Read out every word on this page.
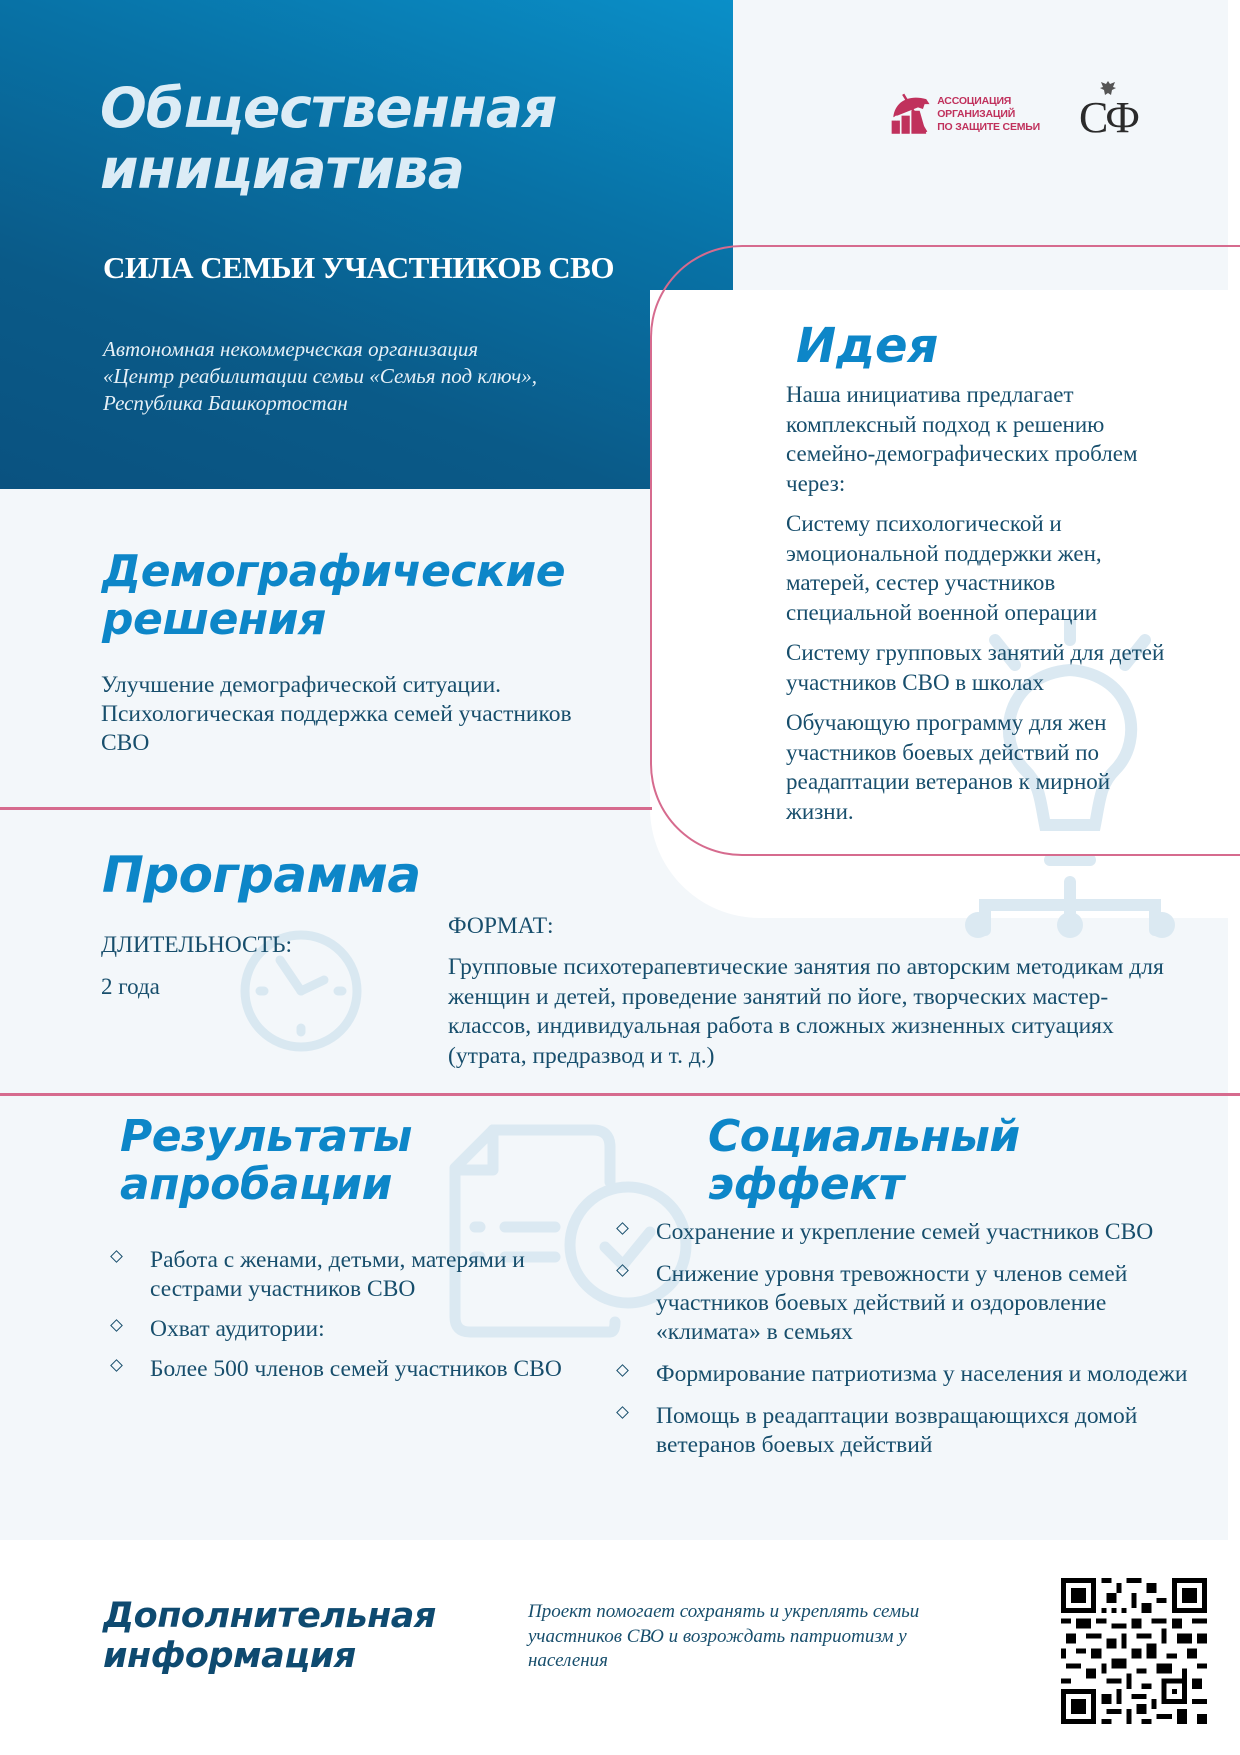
Общественная
инициатива
СИЛА СЕМЬИ УЧАСТНИКОВ СВО
Автономная некоммерческая организация
«Центр реабилитации семьи «Семья под ключ»,
Республика Башкортостан
АССОЦИАЦИЯ
ОРГАНИЗАЦИЙ
ПО ЗАЩИТЕ СЕМЬИ СФ
Идея

Наша инициатива предлагает комплексный подход к решению семейно-демографических проблем через:

Систему психологической и эмоциональной поддержки жен, матерей, сестер участников специальной военной операции

Систему групповых занятий для детей участников СВО в школах

Обучающую программу для жен участников боевых действий по реадаптации ветеранов к мирной жизни.

Демографические
решения
Улучшение демографической ситуации. Психологическая поддержка семей участников СВО
Программа
ДЛИТЕЛЬНОСТЬ:
2 года
ФОРМАТ:
Групповые психотерапевтические занятия по авторским методикам для женщин и детей, проведение занятий по йоге, творческих мастер-классов, индивидуальная работа в сложных жизненных ситуациях (утрата, предразвод и т. д.)
Результаты
апробации
Работа с женами, детьми, матерями и сестрами участников СВО
Охват аудитории:
Более 500 членов семей участников СВО
Социальный
эффект
Сохранение и укрепление семей участников СВО
Снижение уровня тревожности у членов семей участников боевых действий и оздоровление «климата» в семьях
Формирование патриотизма у населения и молодежи
Помощь в реадаптации возвращающихся домой ветеранов боевых действий
Дополнительная
информация
Проект помогает сохранять и укреплять семьи участников СВО и возрождать патриотизм у населения
